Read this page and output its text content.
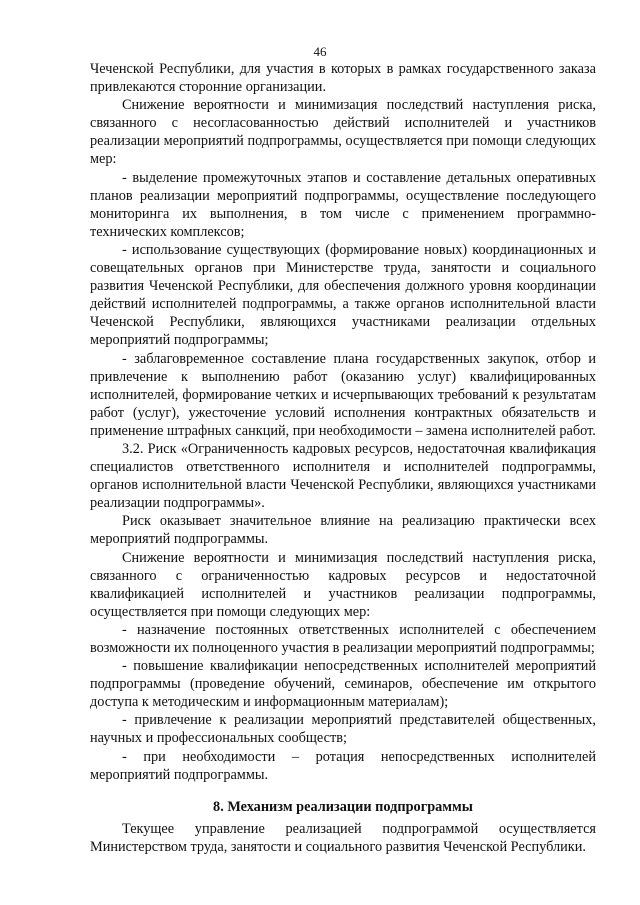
46

Чеченской Республики, для участия в которых в рамках государственного заказа привлекаются сторонние организации.

Снижение вероятности и минимизация последствий наступления риска, связанного с несогласованностью действий исполнителей и участников реализации мероприятий подпрограммы, осуществляется при помощи следующих мер:

- выделение промежуточных этапов и составление детальных оперативных планов реализации мероприятий подпрограммы, осуществление последующего мониторинга их выполнения, в том числе с применением программно-технических комплексов;

- использование существующих (формирование новых) координационных и совещательных органов при Министерстве труда, занятости и социального развития Чеченской Республики, для обеспечения должного уровня координации действий исполнителей подпрограммы, а также органов исполнительной власти Чеченской Республики, являющихся участниками реализации отдельных мероприятий подпрограммы;

- заблаговременное составление плана государственных закупок, отбор и привлечение к выполнению работ (оказанию услуг) квалифицированных исполнителей, формирование четких и исчерпывающих требований к результатам работ (услуг), ужесточение условий исполнения контрактных обязательств и применение штрафных санкций, при необходимости – замена исполнителей работ.

3.2. Риск «Ограниченность кадровых ресурсов, недостаточная квалификация специалистов ответственного исполнителя и исполнителей подпрограммы, органов исполнительной власти Чеченской Республики, являющихся участниками реализации подпрограммы».

Риск оказывает значительное влияние на реализацию практически всех мероприятий подпрограммы.

Снижение вероятности и минимизация последствий наступления риска, связанного с ограниченностью кадровых ресурсов и недостаточной квалификацией исполнителей и участников реализации подпрограммы, осуществляется при помощи следующих мер:

- назначение постоянных ответственных исполнителей с обеспечением возможности их полноценного участия в реализации мероприятий подпрограммы;

- повышение квалификации непосредственных исполнителей мероприятий подпрограммы (проведение обучений, семинаров, обеспечение им открытого доступа к методическим и информационным материалам);

- привлечение к реализации мероприятий представителей общественных, научных и профессиональных сообществ;

- при необходимости – ротация непосредственных исполнителей мероприятий подпрограммы.

8. Механизм реализации подпрограммы

Текущее управление реализацией подпрограммой осуществляется Министерством труда, занятости и социального развития Чеченской Республики.
